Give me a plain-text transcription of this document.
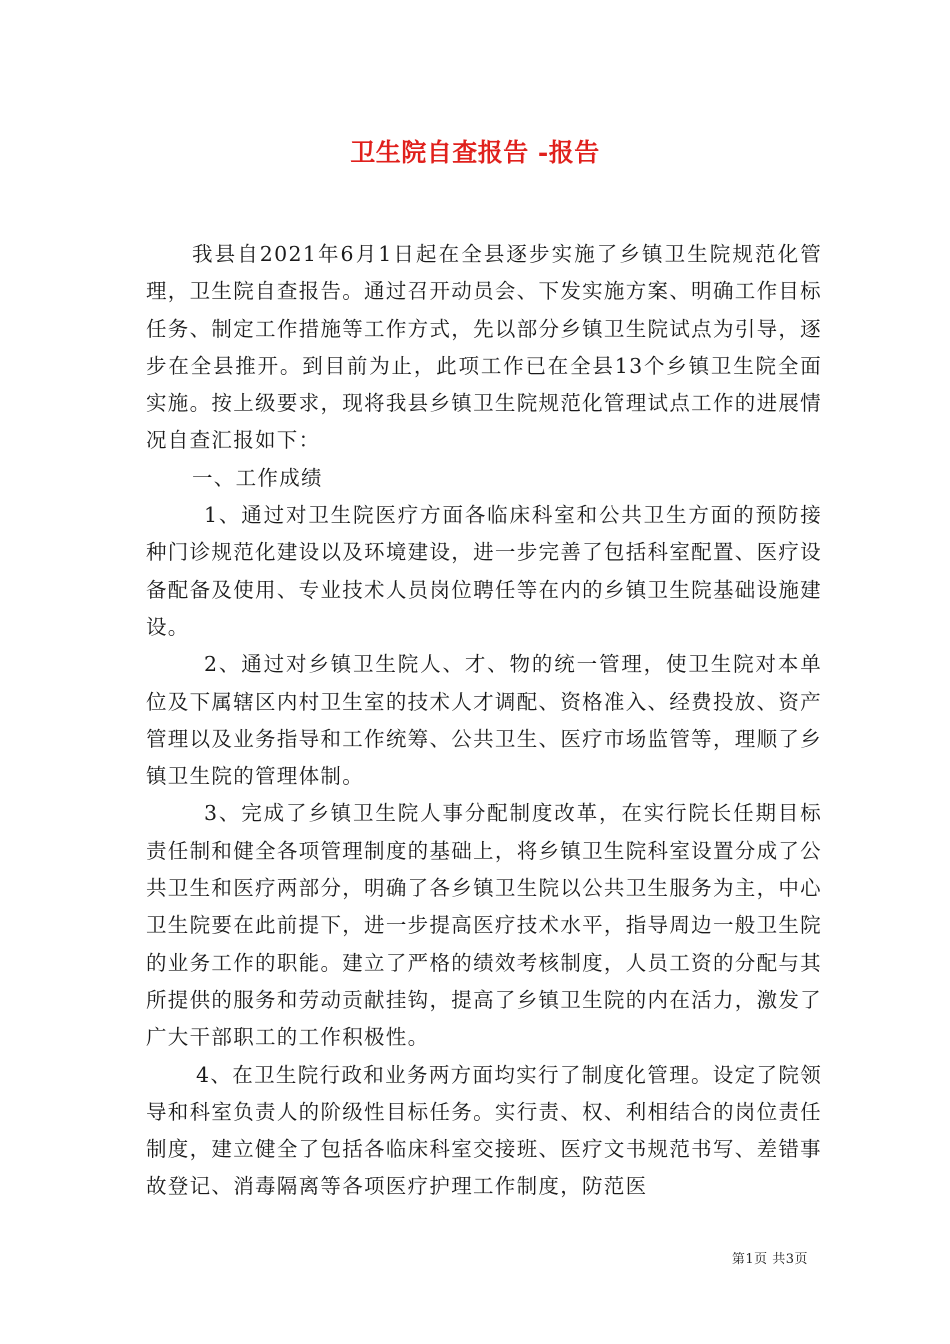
卫生院自查报告 -报告

我县自2021年6月1日起在全县逐步实施了乡镇卫生院规范化管理，卫生院自查报告。通过召开动员会、下发实施方案、明确工作目标任务、制定工作措施等工作方式，先以部分乡镇卫生院试点为引导，逐步在全县推开。到目前为止，此项工作已在全县13个乡镇卫生院全面实施。按上级要求，现将我县乡镇卫生院规范化管理试点工作的进展情况自查汇报如下：

一、工作成绩

1、通过对卫生院医疗方面各临床科室和公共卫生方面的预防接种门诊规范化建设以及环境建设，进一步完善了包括科室配置、医疗设备配备及使用、专业技术人员岗位聘任等在内的乡镇卫生院基础设施建设。

2、通过对乡镇卫生院人、才、物的统一管理，使卫生院对本单位及下属辖区内村卫生室的技术人才调配、资格准入、经费投放、资产管理以及业务指导和工作统筹、公共卫生、医疗市场监管等，理顺了乡镇卫生院的管理体制。

3、完成了乡镇卫生院人事分配制度改革，在实行院长任期目标责任制和健全各项管理制度的基础上，将乡镇卫生院科室设置分成了公共卫生和医疗两部分，明确了各乡镇卫生院以公共卫生服务为主，中心卫生院要在此前提下，进一步提高医疗技术水平，指导周边一般卫生院的业务工作的职能。建立了严格的绩效考核制度，人员工资的分配与其所提供的服务和劳动贡献挂钩，提高了乡镇卫生院的内在活力，激发了广大干部职工的工作积极性。

4、在卫生院行政和业务两方面均实行了制度化管理。设定了院领导和科室负责人的阶级性目标任务。实行责、权、利相结合的岗位责任制度，建立健全了包括各临床科室交接班、医疗文书规范书写、差错事故登记、消毒隔离等各项医疗护理工作制度，防范医

第1页 共3页
